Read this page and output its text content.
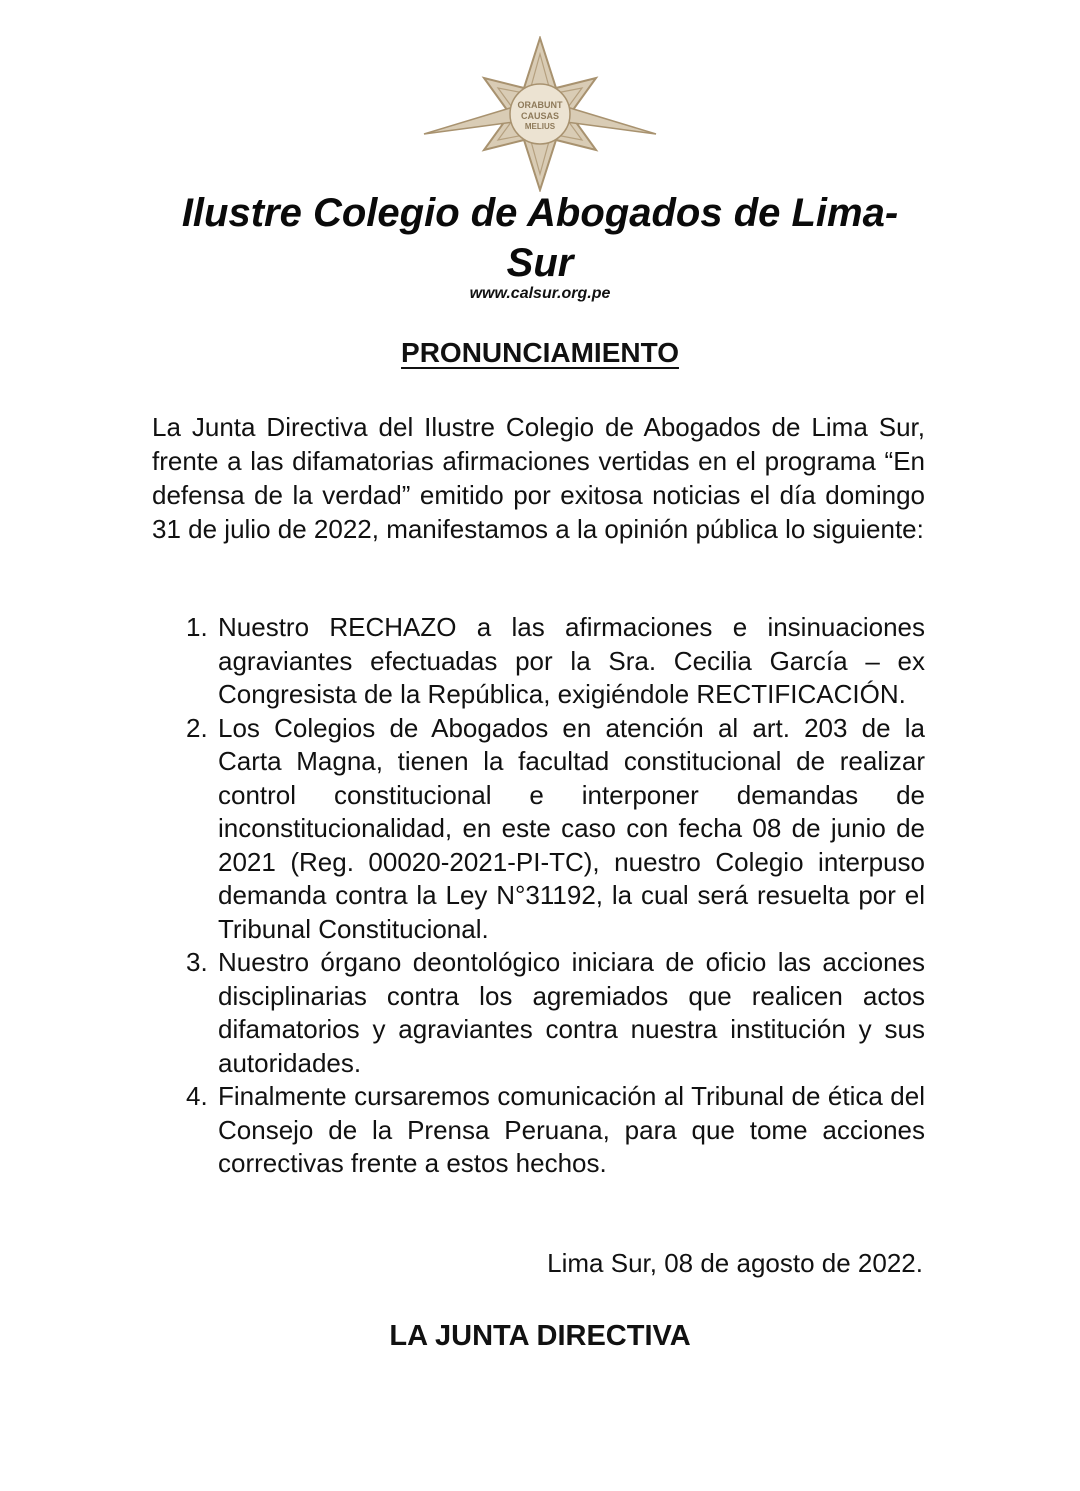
ORABUNT
CAUSAS
MELIUS
Ilustre Colegio de Abogados de Lima-
Sur
www.calsur.org.pe
PRONUNCIAMIENTO

La Junta Directiva del Ilustre Colegio de Abogados de Lima Sur, frente a las difamatorias afirmaciones vertidas en el programa “En defensa de la verdad” emitido por exitosa noticias el día domingo 31 de julio de 2022, manifestamos a la opinión pública lo siguiente:

1. Nuestro RECHAZO a las afirmaciones e insinuaciones agraviantes efectuadas por la Sra. Cecilia García – ex Congresista de la República, exigiéndole RECTIFICACIÓN.
2. Los Colegios de Abogados en atención al art. 203 de la Carta Magna, tienen la facultad constitucional de realizar control constitucional e interponer demandas de inconstitucionalidad, en este caso con fecha 08 de junio de 2021 (Reg. 00020-2021-PI-TC), nuestro Colegio interpuso demanda contra la Ley N°31192, la cual será resuelta por el Tribunal Constitucional.
3. Nuestro órgano deontológico iniciara de oficio las acciones disciplinarias contra los agremiados que realicen actos difamatorios y agraviantes contra nuestra institución y sus autoridades.
4. Finalmente cursaremos comunicación al Tribunal de ética del Consejo de la Prensa Peruana, para que tome acciones correctivas frente a estos hechos.
Lima Sur, 08 de agosto de 2022.
LA JUNTA DIRECTIVA
